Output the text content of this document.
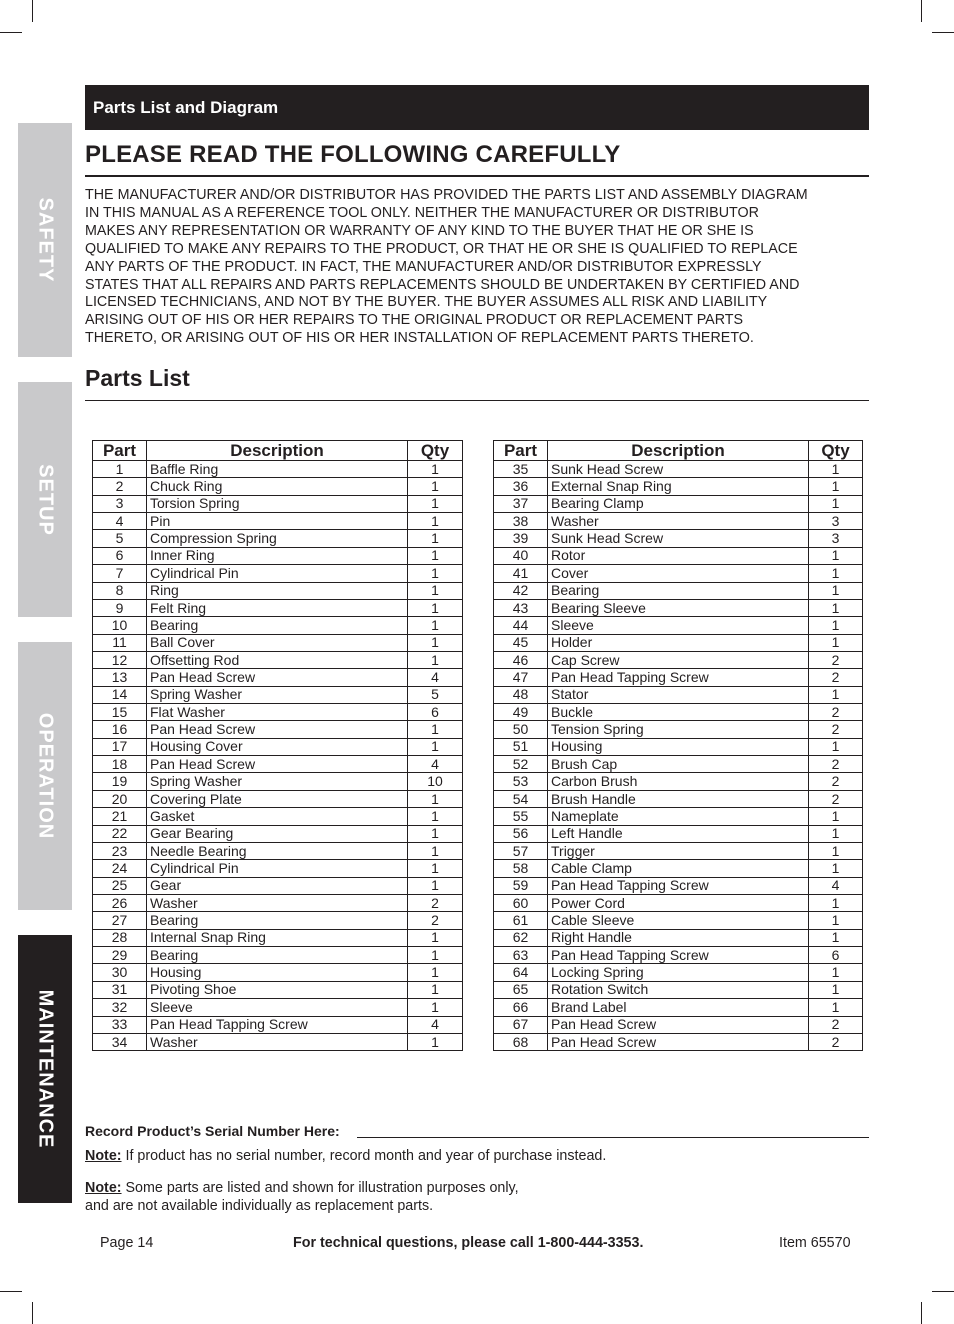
SAFETY
SETUP
OPERATION
MAINTENANCE
Parts List and Diagram
PLEASE READ THE FOLLOWING CAREFULLY
THE MANUFACTURER AND/OR DISTRIBUTOR HAS PROVIDED THE PARTS LIST AND ASSEMBLY DIAGRAM
IN THIS MANUAL AS A REFERENCE TOOL ONLY. NEITHER THE MANUFACTURER OR DISTRIBUTOR
MAKES ANY REPRESENTATION OR WARRANTY OF ANY KIND TO THE BUYER THAT HE OR SHE IS
QUALIFIED TO MAKE ANY REPAIRS TO THE PRODUCT, OR THAT HE OR SHE IS QUALIFIED TO REPLACE
ANY PARTS OF THE PRODUCT. IN FACT, THE MANUFACTURER AND/OR DISTRIBUTOR EXPRESSLY
STATES THAT ALL REPAIRS AND PARTS REPLACEMENTS SHOULD BE UNDERTAKEN BY CERTIFIED AND
LICENSED TECHNICIANS, AND NOT BY THE BUYER. THE BUYER ASSUMES ALL RISK AND LIABILITY
ARISING OUT OF HIS OR HER REPAIRS TO THE ORIGINAL PRODUCT OR REPLACEMENT PARTS
THERETO, OR ARISING OUT OF HIS OR HER INSTALLATION OF REPLACEMENT PARTS THERETO.
Parts List
Part	Description	Qty
1	Baffle Ring	1
2	Chuck Ring	1
3	Torsion Spring	1
4	Pin	1
5	Compression Spring	1
6	Inner Ring	1
7	Cylindrical Pin	1
8	Ring	1
9	Felt Ring	1
10	Bearing	1
11	Ball Cover	1
12	Offsetting Rod	1
13	Pan Head Screw	4
14	Spring Washer	5
15	Flat Washer	6
16	Pan Head Screw	1
17	Housing Cover	1
18	Pan Head Screw	4
19	Spring Washer	10
20	Covering Plate	1
21	Gasket	1
22	Gear Bearing	1
23	Needle Bearing	1
24	Cylindrical Pin	1
25	Gear	1
26	Washer	2
27	Bearing	2
28	Internal Snap Ring	1
29	Bearing	1
30	Housing	1
31	Pivoting Shoe	1
32	Sleeve	1
33	Pan Head Tapping Screw	4
34	Washer	1
Part	Description	Qty
35	Sunk Head Screw	1
36	External Snap Ring	1
37	Bearing Clamp	1
38	Washer	3
39	Sunk Head Screw	3
40	Rotor	1
41	Cover	1
42	Bearing	1
43	Bearing Sleeve	1
44	Sleeve	1
45	Holder	1
46	Cap Screw	2
47	Pan Head Tapping Screw	2
48	Stator	1
49	Buckle	2
50	Tension Spring	2
51	Housing	1
52	Brush Cap	2
53	Carbon Brush	2
54	Brush Handle	2
55	Nameplate	1
56	Left Handle	1
57	Trigger	1
58	Cable Clamp	1
59	Pan Head Tapping Screw	4
60	Power Cord	1
61	Cable Sleeve	1
62	Right Handle	1
63	Pan Head Tapping Screw	6
64	Locking Spring	1
65	Rotation Switch	1
66	Brand Label	1
67	Pan Head Screw	2
68	Pan Head Screw	2
Record Product’s Serial Number Here:
Note: If product has no serial number, record month and year of purchase instead.
Note: Some parts are listed and shown for illustration purposes only,
and are not available individually as replacement parts.
Page 14	For technical questions, please call 1-800-444-3353.	Item 65570
